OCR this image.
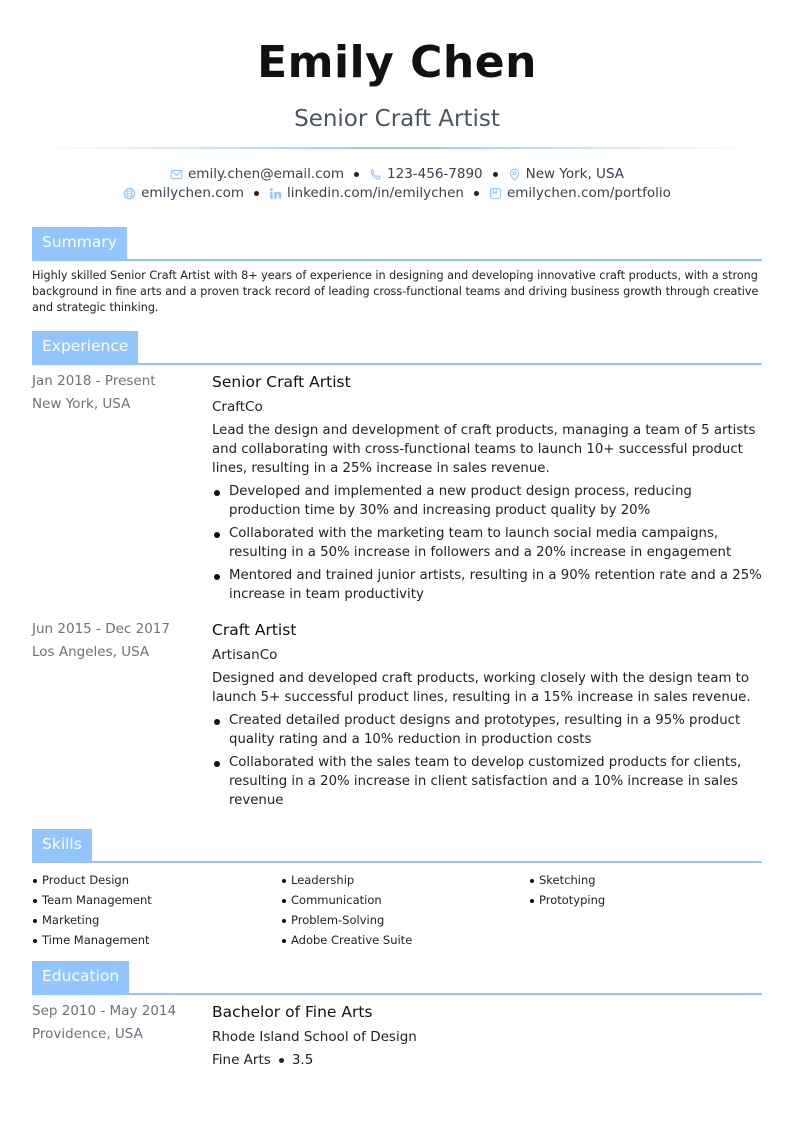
Emily Chen
Senior Craft Artist
emily.chen@email.com	123-456-7890	New York, USA
emilychen.com	linkedin.com/in/emilychen	emilychen.com/portfolio
Summary
Highly skilled Senior Craft Artist with 8+ years of experience in designing and developing innovative craft products, with a strong background in fine arts and a proven track record of leading cross-functional teams and driving business growth through creative and strategic thinking.
Experience
Jan 2018 - Present
New York, USA
Senior Craft Artist
CraftCo
Lead the design and development of craft products, managing a team of 5 artists and collaborating with cross-functional teams to launch 10+ successful product lines, resulting in a 25% increase in sales revenue.
Developed and implemented a new product design process, reducing production time by 30% and increasing product quality by 20%
Collaborated with the marketing team to launch social media campaigns, resulting in a 50% increase in followers and a 20% increase in engagement
Mentored and trained junior artists, resulting in a 90% retention rate and a 25% increase in team productivity
Jun 2015 - Dec 2017
Los Angeles, USA
Craft Artist
ArtisanCo
Designed and developed craft products, working closely with the design team to launch 5+ successful product lines, resulting in a 15% increase in sales revenue.
Created detailed product designs and prototypes, resulting in a 95% product quality rating and a 10% reduction in production costs
Collaborated with the sales team to develop customized products for clients, resulting in a 20% increase in client satisfaction and a 10% increase in sales revenue
Skills
Product Design
Team Management
Marketing
Time Management
Leadership
Communication
Problem-Solving
Adobe Creative Suite
Sketching
Prototyping
Education
Sep 2010 - May 2014
Providence, USA
Bachelor of Fine Arts
Rhode Island School of Design
Fine Arts 3.5
